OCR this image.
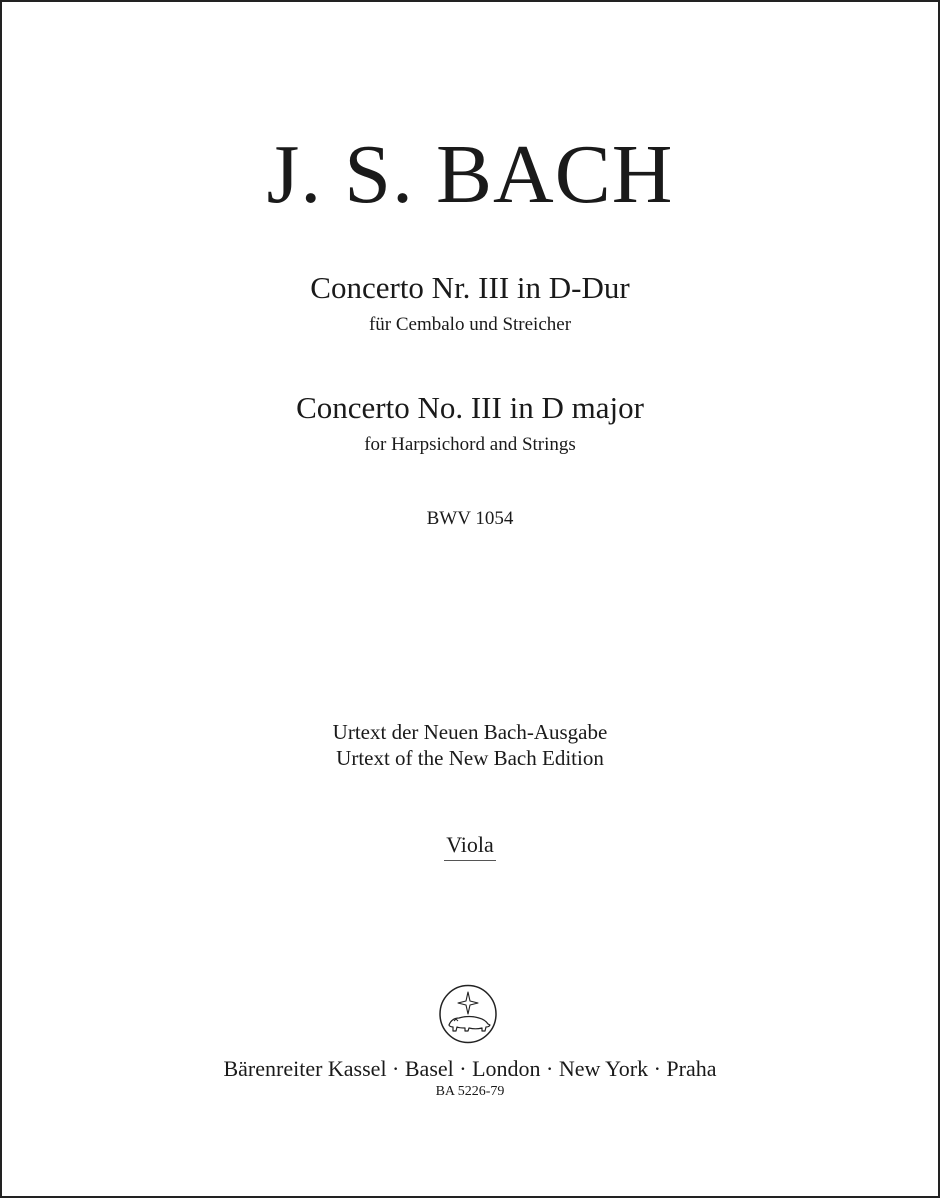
J. S. BACH
Concerto Nr. III in D-Dur
für Cembalo und Streicher
Concerto No. III in D major
for Harpsichord and Strings
BWV 1054
Urtext der Neuen Bach-Ausgabe
Urtext of the New Bach Edition
Viola
Bärenreiter Kassel · Basel · London · New York · Praha
BA 5226-79
